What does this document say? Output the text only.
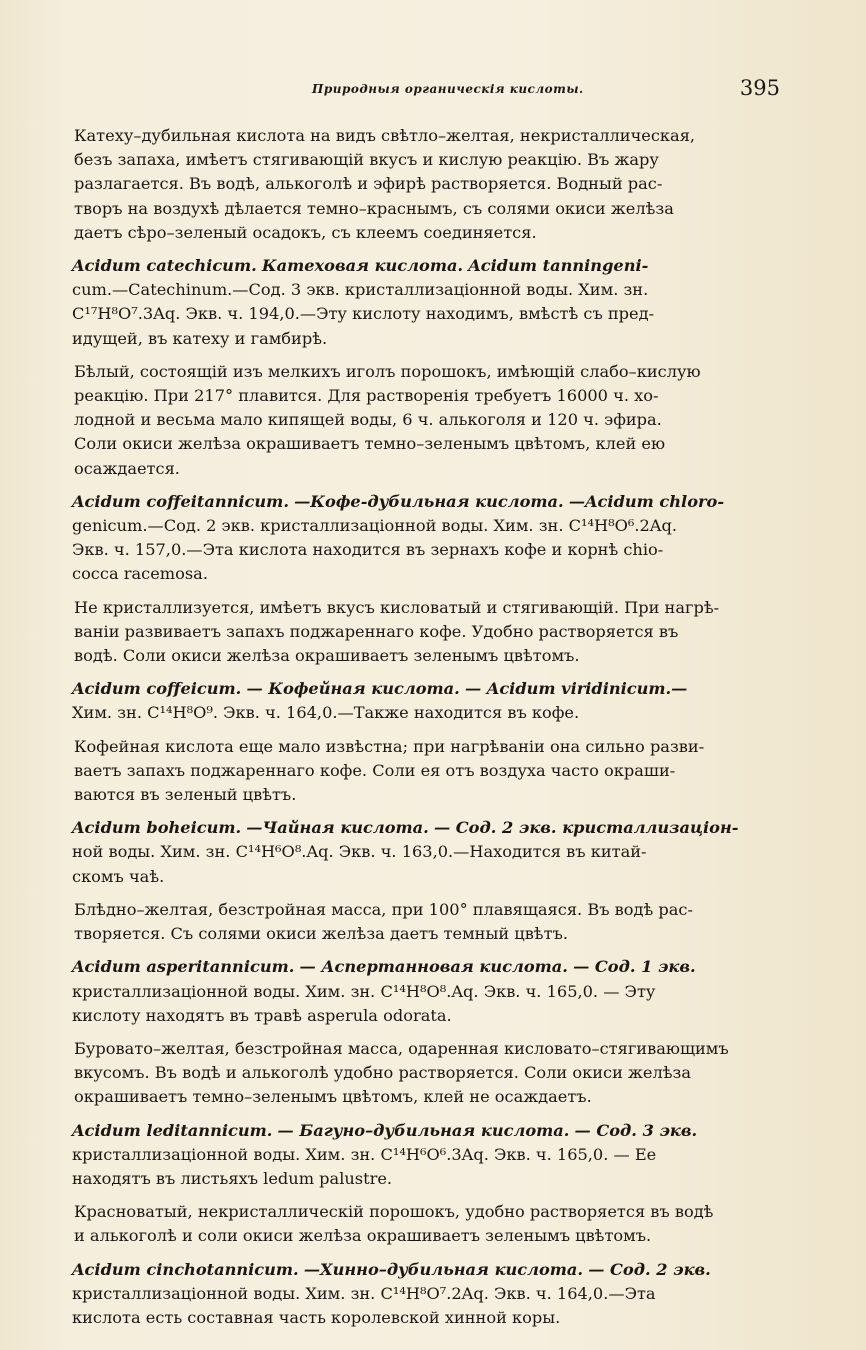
Природныя органическія кислоты.	395
Катеху–дубильная кислота на видъ свѣтло–желтая, некристаллическая,
безъ запаха, имѣетъ стягивающій вкусъ и кислую реакцію. Въ жару
разлагается. Въ водѣ, алькоголѣ и эфирѣ растворяется. Водный рас-
творъ на воздухѣ дѣлается темно–краснымъ, съ солями окиси желѣза
даетъ сѣро–зеленый осадокъ, съ клеемъ соединяется.
Acidum catechicum. Катеховая кислота. Acidum tanningeni-
cum.—Catechinum.—Сод. 3 экв. кристаллизаціонной воды. Хим. зн.
C¹⁷H⁸O⁷.3Aq. Экв. ч. 194,0.—Эту кислоту находимъ, вмѣстѣ съ пред-
идущей, въ катеху и гамбирѣ.
Бѣлый, состоящій изъ мелкихъ иголъ порошокъ, имѣющій слабо–кислую
реакцію. При 217° плавится. Для растворенія требуетъ 16000 ч. хо-
лодной и весьма мало кипящей воды, 6 ч. алькоголя и 120 ч. эфира.
Соли окиси желѣза окрашиваетъ темно–зеленымъ цвѣтомъ, клей ею
осаждается.
Acidum coffeitannicum. —Кофе-дубильная кислота. —Acidum chloro-
genicum.—Сод. 2 экв. кристаллизаціонной воды. Хим. зн. C¹⁴H⁸O⁶.2Aq.
Экв. ч. 157,0.—Эта кислота находится въ зернахъ кофе и корнѣ chio-
cocca racemosa.
Не кристаллизуется, имѣетъ вкусъ кисловатый и стягивающій. При нагрѣ-
ваніи развиваетъ запахъ поджареннаго кофе. Удобно растворяется въ
водѣ. Соли окиси желѣза окрашиваетъ зеленымъ цвѣтомъ.
Acidum coffeicum. — Кофейная кислота. — Acidum viridinicum.—
Хим. зн. C¹⁴H⁸O⁹. Экв. ч. 164,0.—Также находится въ кофе.
Кофейная кислота еще мало извѣстна; при нагрѣваніи она сильно разви-
ваетъ запахъ поджареннаго кофе. Соли ея отъ воздуха часто окраши-
ваются въ зеленый цвѣтъ.
Acidum boheicum. —Чайная кислота. — Сод. 2 экв. кристаллизаціон-
ной воды. Хим. зн. C¹⁴H⁶O⁸.Aq. Экв. ч. 163,0.—Находится въ китай-
скомъ чаѣ.
Блѣдно–желтая, безстройная масса, при 100° плавящаяся. Въ водѣ рас-
творяется. Съ солями окиси желѣза даетъ темный цвѣтъ.
Acidum asperitannicum. — Аспертанновая кислота. — Сод. 1 экв.
кристаллизаціонной воды. Хим. зн. C¹⁴H⁸O⁸.Aq. Экв. ч. 165,0. — Эту
кислоту находятъ въ травѣ asperula odorata.
Буровато–желтая, безстройная масса, одаренная кисловато–стягивающимъ
вкусомъ. Въ водѣ и алькоголѣ удобно растворяется. Соли окиси желѣза
окрашиваетъ темно–зеленымъ цвѣтомъ, клей не осаждаетъ.
Acidum leditannicum. — Багуно–дубильная кислота. — Сод. 3 экв.
кристаллизаціонной воды. Хим. зн. C¹⁴H⁶O⁶.3Aq. Экв. ч. 165,0. — Ее
находятъ въ листьяхъ ledum palustre.
Красноватый, некристаллическій порошокъ, удобно растворяется въ водѣ
и алькоголѣ и соли окиси желѣза окрашиваетъ зеленымъ цвѣтомъ.
Acidum cinchotannicum. —Хинно–дубильная кислота. — Сод. 2 экв.
кристаллизаціонной воды. Хим. зн. C¹⁴H⁸O⁷.2Aq. Экв. ч. 164,0.—Эта
кислота есть составная часть королевской хинной коры.
